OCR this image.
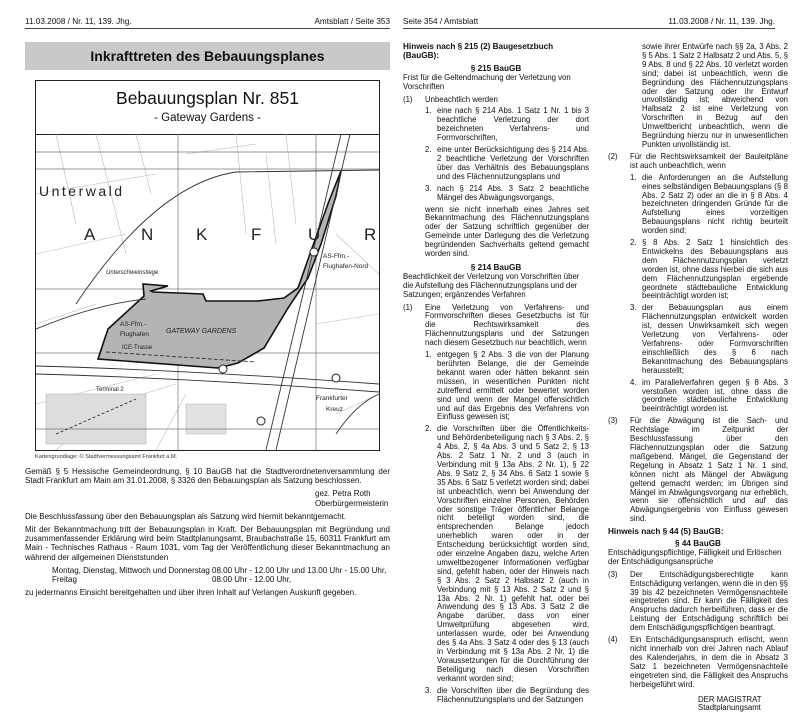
11.03.2008 / Nr. 11, 139. Jhg.	Amtsblatt / Seite 353
Inkrafttreten des Bebauungsplanes
Bebauungsplan Nr. 851
- Gateway Gardens -
Unterwald
A	N	K	F	U	R
Unterschweinstiege
AS-Ffm.-
Flughafen-Nord
AS-Ffm.-
Flughafen GATEWAY GARDENS
ICE-Trasse
Terminal 2
Frankfurter
Kreuz
Kartengrundlage: © Stadtvermessungsamt Frankfurt a.M.
Gemäß § 5 Hessische Gemeindeordnung, § 10 BauGB hat die Stadtverordnetenversammlung der Stadt Frankfurt am Main am 31.01.2008, § 3326 den Bebauungsplan als Satzung beschlossen.
gez. Petra Roth
Oberbürgermeisterin
Die Beschlussfassung über den Bebauungsplan als Satzung wird hiermit bekanntgemacht.
Mit der Bekanntmachung tritt der Bebauungsplan in Kraft. Der Bebauungsplan mit Begründung und zusammenfassender Erklärung wird beim Stadtplanungsamt, Braubachstraße 15, 60311 Frankfurt am Main - Technisches Rathaus - Raum 1031, vom Tag der Veröffentlichung dieser Bekanntmachung an während der allgemeinen Dienststunden
Montag, Dienstag, Mittwoch und Donnerstag 08.00 Uhr - 12.00 Uhr und 13.00 Uhr - 15.00 Uhr,
Freitag	08.00 Uhr - 12.00 Uhr,
zu jedermanns Einsicht bereitgehalten und über ihren Inhalt auf Verlangen Auskunft gegeben.
Seite 354 / Amtsblatt	11.03.2008 / Nr. 11, 139. Jhg.
Hinweis nach § 215 (2) Baugesetzbuch (BauGB):
§ 215 BauGB
Frist für die Geltendmachung der Verletzung von Vorschriften
(1)	Unbeachtlich werden
1. eine nach § 214 Abs. 1 Satz 1 Nr. 1 bis 3 beachtliche Verletzung der dort bezeichneten Verfahrens- und Formvorschriften,
2. eine unter Berücksichtigung des § 214 Abs. 2 beachtliche Verletzung der Vorschriften über das Verhältnis des Bebauungsplans und des Flächennutzungsplans und
3. nach § 214 Abs. 3 Satz 2 beachtliche Mängel des Abwägungsvorgangs,

wenn sie nicht innerhalb eines Jahres seit Bekanntmachung des Flächennutzungsplans oder der Satzung schriftlich gegenüber der Gemeinde unter Darlegung des die Verletzung begründenden Sachverhalts geltend gemacht worden sind.

§ 214 BauGB
Beachtlichkeit der Verletzung von Vorschriften über die Aufstellung des Flächennutzungsplans und der Satzungen; ergänzendes Verfahren
(1)	Eine Verletzung von Verfahrens- und Formvorschriften dieses Gesetzbuchs ist für die Rechtswirksamkeit des Flächennutzungsplans und der Satzungen nach diesem Gesetzbuch nur beachtlich, wenn
1. entgegen § 2 Abs. 3 die von der Planung berührten Belange, die der Gemeinde bekannt waren oder hätten bekannt sein müssen, in wesentlichen Punkten nicht zutreffend ermittelt oder bewertet worden sind und wenn der Mangel offensichtlich und auf das Ergebnis des Verfahrens von Einfluss gewesen ist;
2. die Vorschriften über die Öffentlichkeits- und Behördenbeteiligung nach § 3 Abs. 2, § 4 Abs. 2, § 4a Abs. 3 und 5 Satz 2, § 13 Abs. 2 Satz 1 Nr. 2 und 3 (auch in Verbindung mit § 13a Abs. 2 Nr. 1), § 22 Abs. 9 Satz 2, § 34 Abs. 6 Satz 1 sowie § 35 Abs. 6 Satz 5 verletzt worden sind; dabei ist unbeachtlich, wenn bei Anwendung der Vorschriften einzelne Personen, Behörden oder sonstige Träger öffentlicher Belange nicht beteiligt worden sind, die entsprechenden Belange jedoch unerheblich waren oder in der Entscheidung berücksichtigt worden sind, oder einzelne Angaben dazu, welche Arten umweltbezogener Informationen verfügbar sind, gefehlt haben, oder der Hinweis nach § 3 Abs. 2 Satz 2 Halbsatz 2 (auch in Verbindung mit § 13 Abs. 2 Satz 2 und § 13a Abs. 2 Nr. 1) gefehlt hat, oder bei Anwendung des § 13 Abs. 3 Satz 2 die Angabe darüber, dass von einer Umweltprüfung abgesehen wird, unterlassen wurde, oder bei Anwendung des § 4a Abs. 3 Satz 4 oder des § 13 (auch in Verbindung mit § 13a Abs. 2 Nr. 1) die Voraussetzungen für die Durchführung der Beteiligung nach diesen Vorschriften verkannt worden sind;
3. die Vorschriften über die Begründung des Flächennutzungsplans und der Satzungen

sowie ihrer Entwürfe nach §§ 2a, 3 Abs. 2 § 5 Abs. 1 Satz 2 Halbsatz 2 und Abs. 5, § 9 Abs. 8 und § 22 Abs. 10 verletzt worden sind; dabei ist unbeachtlich, wenn die Begründung des Flächennutzungsplans oder der Satzung oder ihr Entwurf unvollständig ist; abweichend von Halbsatz 2 ist eine Verletzung von Vorschriften in Bezug auf den Umweltbericht unbeachtlich, wenn die Begründung hierzu nur in unwesentlichen Punkten unvollständig ist.

(2)	Für die Rechtswirksamkeit der Bauleitpläne ist auch unbeachtlich, wenn
1. die Anforderungen an die Aufstellung eines selbständigen Bebauungsplans (§ 8 Abs. 2 Satz 2) oder an die in § 8 Abs. 4 bezeichneten dringenden Gründe für die Aufstellung eines vorzeitigen Bebauungsplans nicht richtig beurteilt worden sind;
2. § 8 Abs. 2 Satz 1 hinsichtlich des Entwickelns des Bebauungsplans aus dem Flächennutzungsplan verletzt worden ist, ohne dass hierbei die sich aus dem Flächennutzungsplan ergebende geordnete städtebauliche Entwicklung beeinträchtigt worden ist;
3. der Bebauungsplan aus einem Flächennutzungsplan entwickelt worden ist, dessen Unwirksamkeit sich wegen Verletzung von Verfahrens- oder Verfahrens- oder Formvorschriften einschließlich des § 6 nach Bekanntmachung des Bebauungsplans herausstellt;
4. im Parallelverfahren gegen § 8 Abs. 3 verstoßen worden ist, ohne dass die geordnete städtebauliche Entwicklung beeinträchtigt worden ist.
(3)	Für die Abwägung ist die Sach- und Rechtslage im Zeitpunkt der Beschlussfassung über den Flächennutzungsplan oder die Satzung maßgebend. Mängel, die Gegenstand der Regelung in Absatz 1 Satz 1 Nr. 1 sind, können nicht als Mängel der Abwägung geltend gemacht werden; im Übrigen sind Mängel im Abwägungsvorgang nur erheblich, wenn sie offensichtlich und auf das Abwägungsergebnis von Einfluss gewesen sind.
Hinweis nach § 44 (5) BauGB:
§ 44 BauGB
Entschädigungspflichtige, Fälligkeit und Erlöschen der Entschädigungsansprüche
(3)	Der Entschädigungsberechtigte kann Entschädigung verlangen, wenn die in den §§ 39 bis 42 bezeichneten Vermögensnachteile eingetreten sind. Er kann die Fälligkeit des Anspruchs dadurch herbeiführen, dass er die Leistung der Entschädigung schriftlich bei dem Entschädigungspflichtigen beantragt.
(4)	Ein Entschädigungsanspruch erlischt, wenn nicht innerhalb von drei Jahren nach Ablauf des Kalenderjahrs, in dem die in Absatz 3 Satz 1 bezeichneten Vermögensnachteile eingetreten sind, die Fälligkeit des Anspruchs herbeigeführt wird.
DER MAGISTRAT
Stadtplanungsamt
